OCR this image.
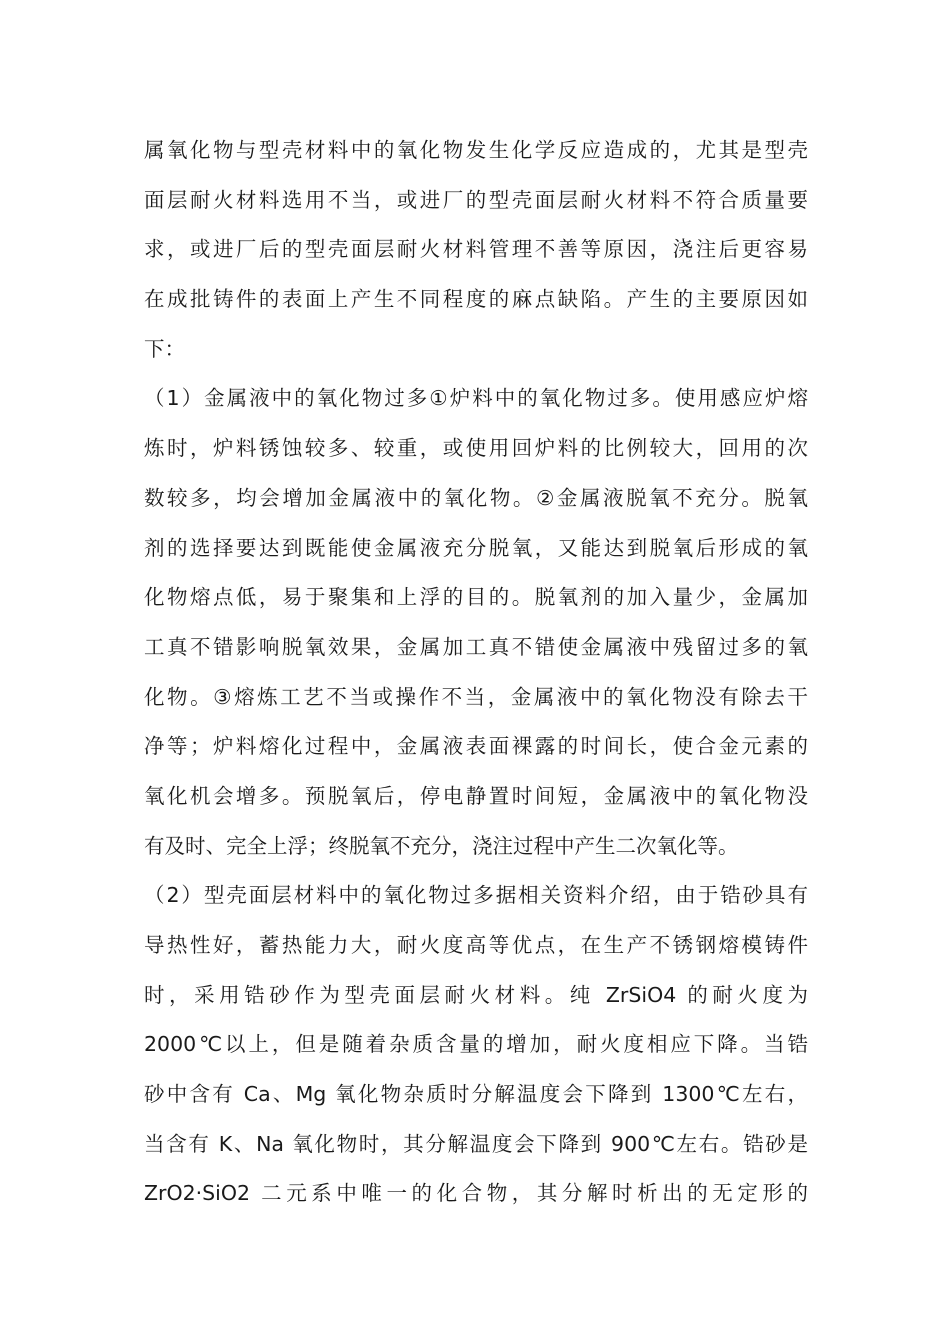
属氧化物与型壳材料中的氧化物发生化学反应造成的，尤其是型壳
面层耐火材料选用不当，或进厂的型壳面层耐火材料不符合质量要
求，或进厂后的型壳面层耐火材料管理不善等原因，浇注后更容易
在成批铸件的表面上产生不同程度的麻点缺陷。产生的主要原因如
下：
（1）金属液中的氧化物过多①炉料中的氧化物过多。使用感应炉熔
炼时，炉料锈蚀较多、较重，或使用回炉料的比例较大，回用的次
数较多，均会增加金属液中的氧化物。②金属液脱氧不充分。脱氧
剂的选择要达到既能使金属液充分脱氧，又能达到脱氧后形成的氧
化物熔点低，易于聚集和上浮的目的。脱氧剂的加入量少，金属加
工真不错影响脱氧效果，金属加工真不错使金属液中残留过多的氧
化物。③熔炼工艺不当或操作不当，金属液中的氧化物没有除去干
净等；炉料熔化过程中，金属液表面裸露的时间长，使合金元素的
氧化机会增多。预脱氧后，停电静置时间短，金属液中的氧化物没
有及时、完全上浮；终脱氧不充分，浇注过程中产生二次氧化等。
（2）型壳面层材料中的氧化物过多据相关资料介绍，由于锆砂具有
导热性好，蓄热能力大，耐火度高等优点，在生产不锈钢熔模铸件
时，采用锆砂作为型壳面层耐火材料。纯 ZrSiO4 的耐火度为
2000℃以上，但是随着杂质含量的增加，耐火度相应下降。当锆
砂中含有 Ca、Mg 氧化物杂质时分解温度会下降到 1300℃左右，
当含有 K、Na 氧化物时，其分解温度会下降到 900℃左右。锆砂是
ZrO2·SiO2 二元系中唯一的化合物，其分解时析出的无定形的
